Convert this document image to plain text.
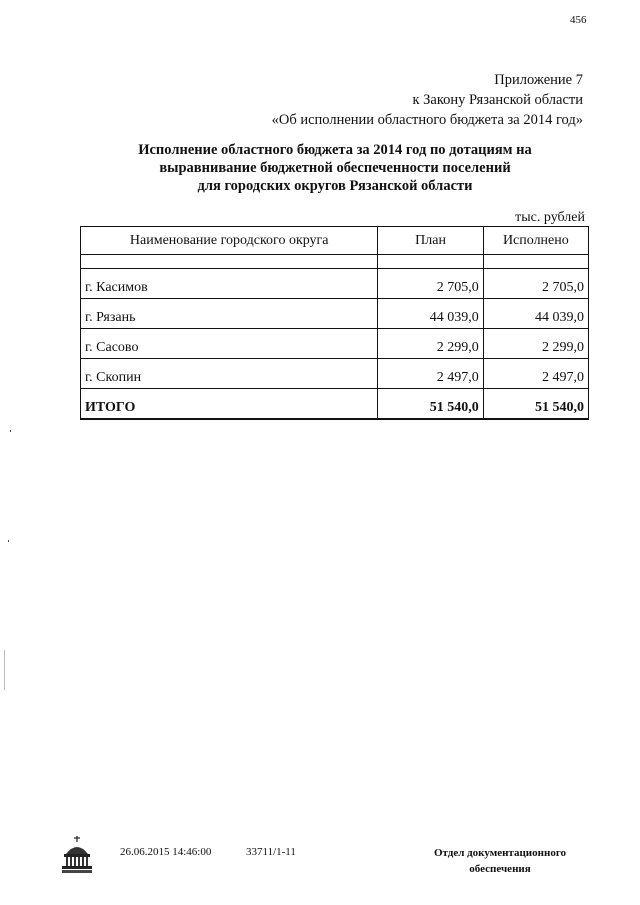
456
Приложение 7
к Закону Рязанской области
«Об исполнении областного бюджета за 2014 год»
Исполнение областного бюджета за 2014 год по дотациям на
выравнивание бюджетной обеспеченности поселений
для городских округов Рязанской области
тыс. рублей
Наименование городского округа	План	Исполнено

г. Касимов	2 705,0	2 705,0
г. Рязань	44 039,0	44 039,0
г. Сасово	2 299,0	2 299,0
г. Скопин	2 497,0	2 497,0
ИТОГО	51 540,0	51 540,0
26.06.2015 14:46:00	33711/1-11	Отдел документационного
обеспечения
